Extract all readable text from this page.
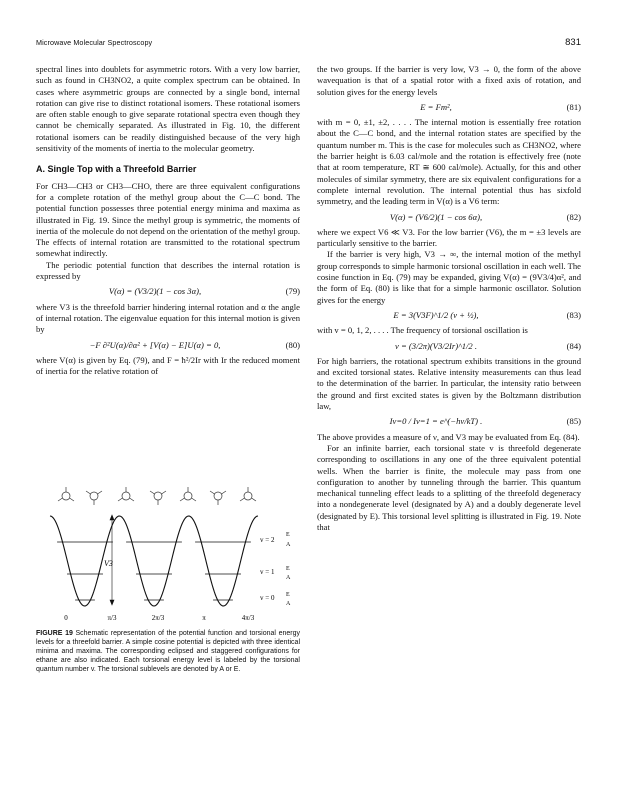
Microwave Molecular Spectroscopy	831

spectral lines into doublets for asymmetric rotors. With a very low barrier, such as found in CH3NO2, a quite complex spectrum can be obtained. In cases where asymmetric groups are connected by a single bond, internal rotation can give rise to distinct rotational isomers. These rotational isomers are often stable enough to give separate rotational spectra even though they cannot be chemically separated. As illustrated in Fig. 10, the different rotational isomers can be readily distinguished because of the very high sensitivity of the moments of inertia to the molecular geometry.

A. Single Top with a Threefold Barrier

For CH3—CH3 or CH3—CHO, there are three equivalent configurations for a complete rotation of the methyl group about the C—C bond. The potential function possesses three potential energy minima and maxima as illustrated in Fig. 19. Since the methyl group is symmetric, the moments of inertia of the molecule do not depend on the orientation of the methyl group. The effects of internal rotation are transmitted to the rotational spectrum somewhat indirectly.

The periodic potential function that describes the internal rotation is expressed by

V(α) = (V3/2)(1 − cos 3α),	(79)

where V3 is the threefold barrier hindering internal rotation and α the angle of internal rotation. The eigenvalue equation for this internal motion is given by

−F ∂²U(α)/∂α² + [V(α) − E]U(α) = 0,	(80)

where V(α) is given by Eq. (79), and F = ħ²/2Ir with Ir the reduced moment of inertia for the relative rotation of

V3
v = 2
v = 1
v = 0
E
A
E
A
E
A
0	π/3	2π/3	π	4π/3
FIGURE 19 Schematic representation of the potential function and torsional energy levels for a threefold barrier. A simple cosine potential is depicted with three identical minima and maxima. The corresponding eclipsed and staggered configurations for ethane are also indicated. Each torsional energy level is labeled by the torsional quantum number v. The torsional sublevels are denoted by A or E.

the two groups. If the barrier is very low, V3 → 0, the form of the above wavequation is that of a spatial rotor with a fixed axis of rotation, and solution gives for the energy levels

E = Fm²,	(81)

with m = 0, ±1, ±2, . . . . The internal motion is essentially free rotation about the C—C bond, and the internal rotation states are specified by the quantum number m. This is the case for molecules such as CH3NO2, where the barrier height is 6.03 cal/mole and the rotation is effectively free (note that at room temperature, RT ≅ 600 cal/mole). Actually, for this and other molecules of similar symmetry, there are six equivalent configurations for a complete internal revolution. The internal potential thus has sixfold symmetry, and the leading term in V(α) is a V6 term:

V(α) = (V6/2)(1 − cos 6α),	(82)

where we expect V6 ≪ V3. For the low barrier (V6), the m = ±3 levels are particularly sensitive to the barrier.

If the barrier is very high, V3 → ∞, the internal motion of the methyl group corresponds to simple harmonic torsional oscillation in each well. The cosine function in Eq. (79) may be expanded, giving V(α) = (9V3/4)α², and the form of Eq. (80) is like that for a simple harmonic oscillator. Solution gives for the energy

E = 3(V3F)^1/2 (v + ½),	(83)

with v = 0, 1, 2, . . . . The frequency of torsional oscillation is

ν = (3/2π)(V3/2Ir)^1/2 .	(84)

For high barriers, the rotational spectrum exhibits transitions in the ground and excited torsional states. Relative intensity measurements can thus lead to the determination of the barrier. In particular, the intensity ratio between the ground and first excited states is given by the Boltzmann distribution law,

Iv=0 / Iv=1 = e^(−hν/kT) .	(85)

The above provides a measure of ν, and V3 may be evaluated from Eq. (84).

For an infinite barrier, each torsional state v is threefold degenerate corresponding to oscillations in any one of the three equivalent potential wells. When the barrier is finite, the molecule may pass from one configuration to another by tunneling through the barrier. This quantum mechanical tunneling effect leads to a splitting of the threefold degeneracy into a nondegenerate level (designated by A) and a doubly degenerate level (designated by E). This torsional level splitting is illustrated in Fig. 19. Note that
